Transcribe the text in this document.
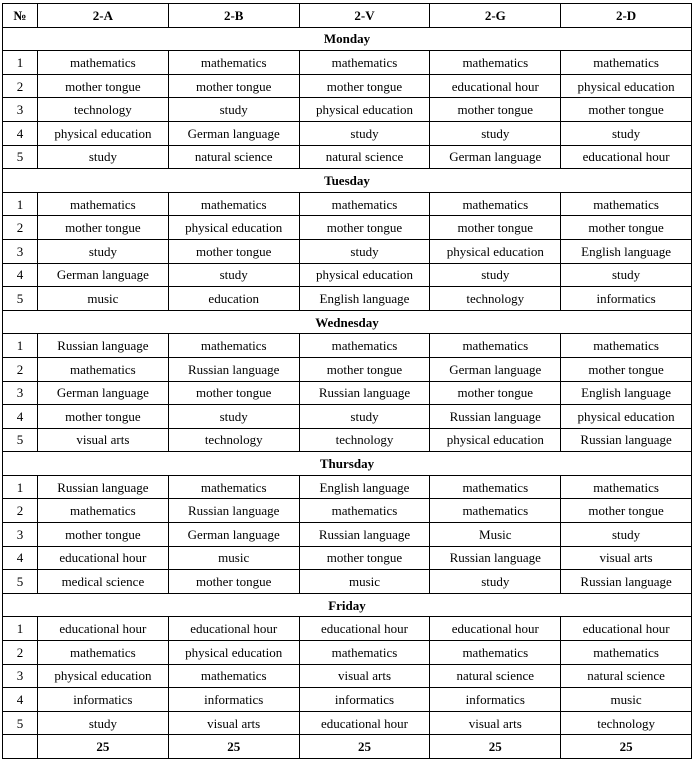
№	2-A	2-B	2-V	2-G	2-D
Monday					
1	mathematics	mathematics	mathematics	mathematics	mathematics
2	mother tongue	mother tongue	mother tongue	educational hour	physical education
3	technology	study	physical education	mother tongue	mother tongue
4	physical education	German language	study	study	study
5	study	natural science	natural science	German language	educational hour
Tuesday					
1	mathematics	mathematics	mathematics	mathematics	mathematics
2	mother tongue	physical education	mother tongue	mother tongue	mother tongue
3	study	mother tongue	study	physical education	English language
4	German language	study	physical education	study	study
5	music	education	English language	technology	informatics
Wednesday					
1	Russian language	mathematics	mathematics	mathematics	mathematics
2	mathematics	Russian language	mother tongue	German language	mother tongue
3	German language	mother tongue	Russian language	mother tongue	English language
4	mother tongue	study	study	Russian language	physical education
5	visual arts	technology	technology	physical education	Russian language
Thursday					
1	Russian language	mathematics	English language	mathematics	mathematics
2	mathematics	Russian language	mathematics	mathematics	mother tongue
3	mother tongue	German language	Russian language	Music	study
4	educational hour	music	mother tongue	Russian language	visual arts
5	medical science	mother tongue	music	study	Russian language
Friday					
1	educational hour	educational hour	educational hour	educational hour	educational hour
2	mathematics	physical education	mathematics	mathematics	mathematics
3	physical education	mathematics	visual arts	natural science	natural science
4	informatics	informatics	informatics	informatics	music
5	study	visual arts	educational hour	visual arts	technology
	25	25	25	25	25
